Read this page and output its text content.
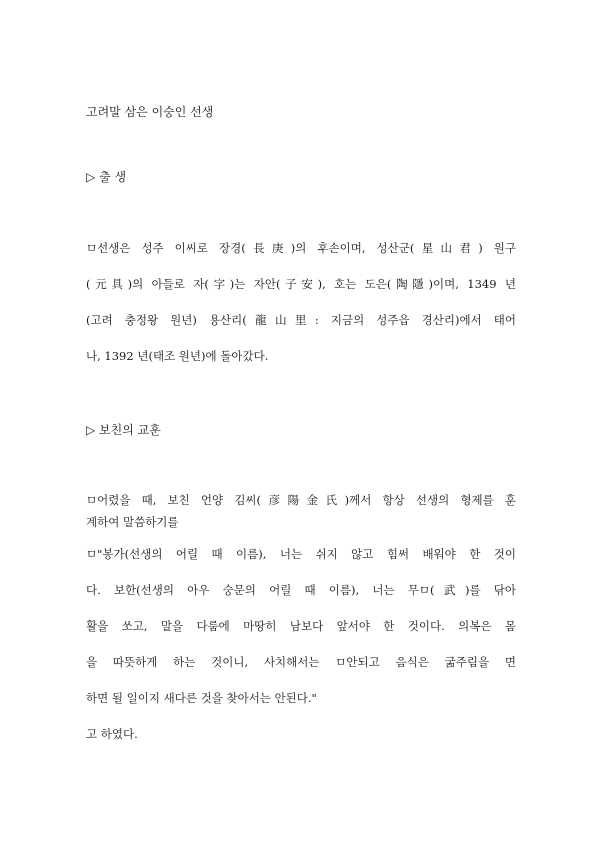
고려말 삼은 이숭인 선생
▷ 출 생
ㅁ선생은 성주 이씨로 장경(長庚)의 후손이며, 성산군(星山君) 원구
(元具)의 아들로 자(字)는 자안(子安), 호는 도은(陶隱)이며, 1349 년
(고려 충정왕 원년) 용산리(龍山里: 지금의 성주읍 경산리)에서 태어
나, 1392 년(태조 원년)에 돌아갔다.
▷ 보친의 교훈
ㅁ어렸을 때, 보친 언양 김씨(彦陽金氏)께서 항상 선생의 형제를 훈
계하여 말씀하기를
ㅁ"봉가(선생의 어릴 때 이름), 너는 쉬지 않고 힘써 배워야 한 것이
다. 보한(선생의 아우 숭문의 어릴 때 이름), 너는 무ㅁ(武)를 닦아
활을 쏘고, 말을 다룸에 마땅히 남보다 앞서야 한 것이다. 의복은 몸
을 따뜻하게 하는 것이니, 사치해서는 ㅁ안되고 음식은 굶주림을 면
하면 될 일이지 새다른 것을 찾아서는 안된다."
고 하였다.
